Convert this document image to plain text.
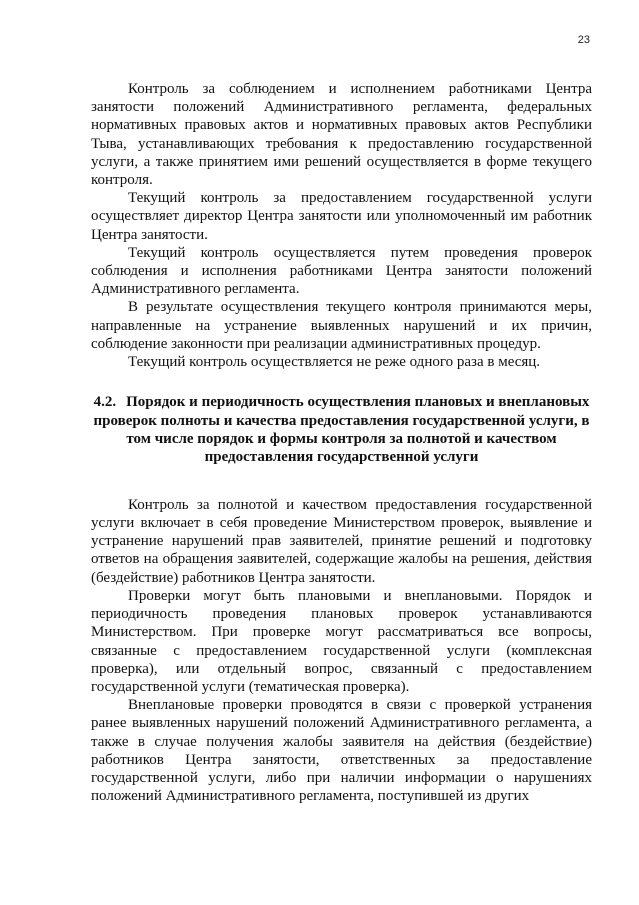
23

Контроль за соблюдением и исполнением работниками Центра занятости положений Административного регламента, федеральных нормативных правовых актов и нормативных правовых актов Республики Тыва, устанавливающих требования к предоставлению государственной услуги, а также принятием ими решений осуществляется в форме текущего контроля.

Текущий контроль за предоставлением государственной услуги осуществляет директор Центра занятости или уполномоченный им работник Центра занятости.

Текущий контроль осуществляется путем проведения проверок соблюдения и исполнения работниками Центра занятости положений Административного регламента.

В результате осуществления текущего контроля принимаются меры, направленные на устранение выявленных нарушений и их причин, соблюдение законности при реализации административных процедур.

Текущий контроль осуществляется не реже одного раза в месяц.

4.2. Порядок и периодичность осуществления плановых и внеплановых проверок полноты и качества предоставления государственной услуги, в том числе порядок и формы контроля за полнотой и качеством предоставления государственной услуги

Контроль за полнотой и качеством предоставления государственной услуги включает в себя проведение Министерством проверок, выявление и устранение нарушений прав заявителей, принятие решений и подготовку ответов на обращения заявителей, содержащие жалобы на решения, действия (бездействие) работников Центра занятости.

Проверки могут быть плановыми и внеплановыми. Порядок и периодичность проведения плановых проверок устанавливаются Министерством. При проверке могут рассматриваться все вопросы, связанные с предоставлением государственной услуги (комплексная проверка), или отдельный вопрос, связанный с предоставлением государственной услуги (тематическая проверка).

Внеплановые проверки проводятся в связи с проверкой устранения ранее выявленных нарушений положений Административного регламента, а также в случае получения жалобы заявителя на действия (бездействие) работников Центра занятости, ответственных за предоставление государственной услуги, либо при наличии информации о нарушениях положений Административного регламента, поступившей из других
